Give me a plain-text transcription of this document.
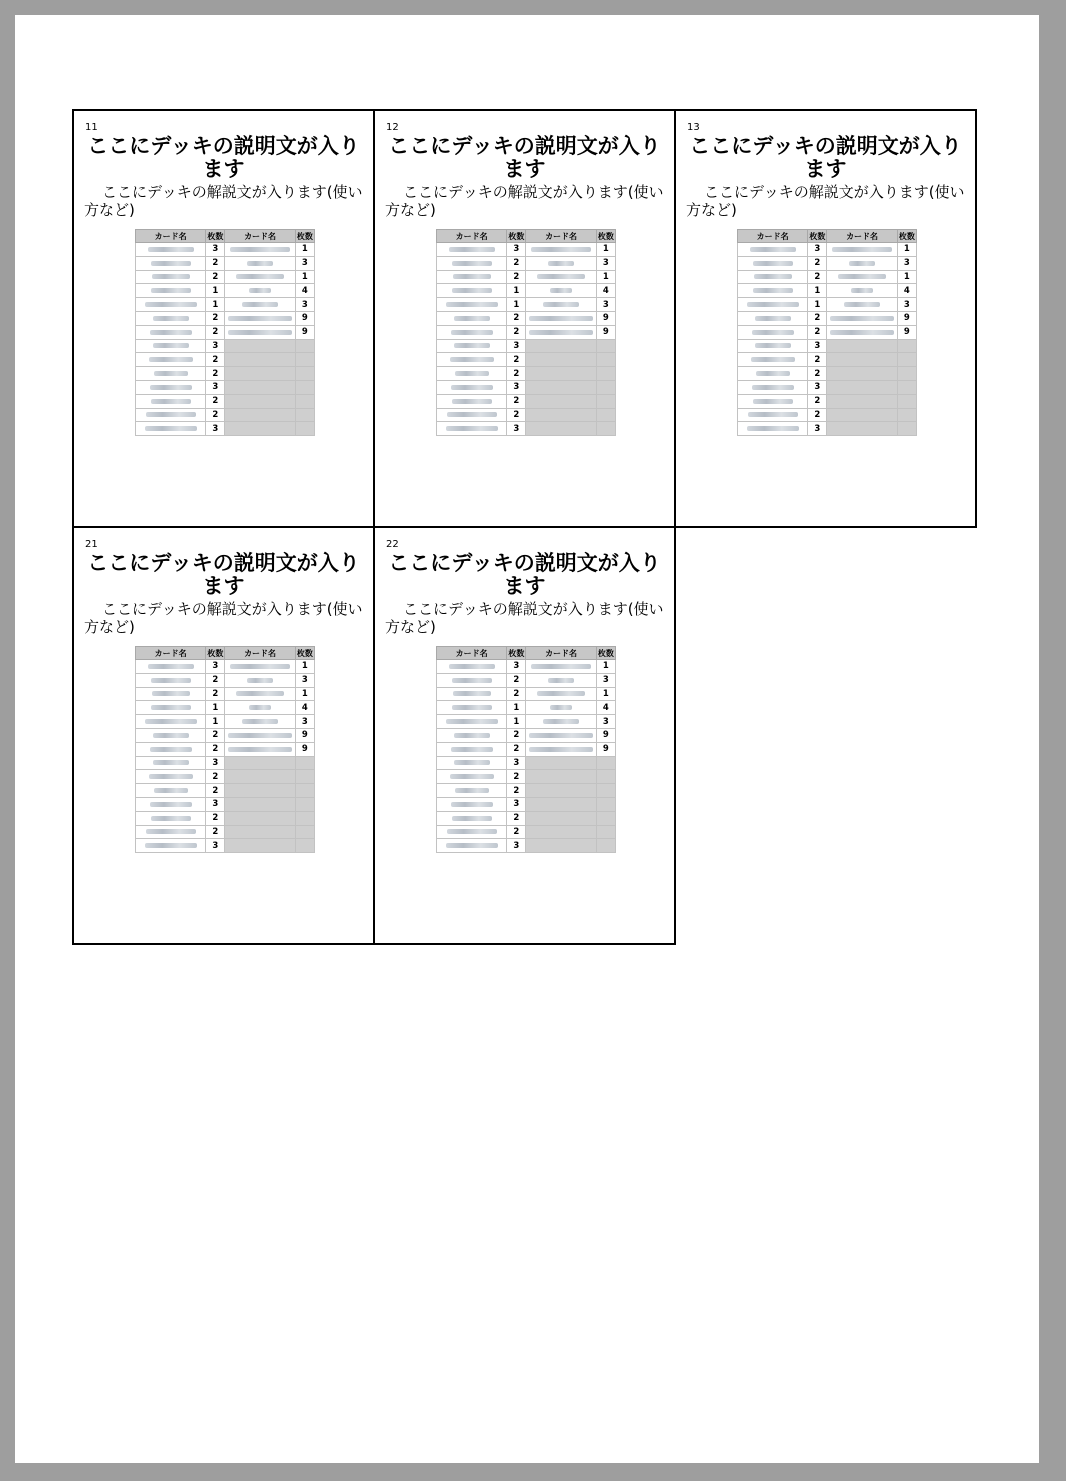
11
ここにデッキの説明文が入ります
ここにデッキの解説文が入ります(使い方など)
カード名	枚数	カード名	枚数

	3		1

	2		3

	2		1

	1		4

	1		3

	2		9

	2		9

	3		

	2		

	2		

	3		

	2		

	2		

	3		
12
ここにデッキの説明文が入ります
ここにデッキの解説文が入ります(使い方など)
カード名	枚数	カード名	枚数

	3		1

	2		3

	2		1

	1		4

	1		3

	2		9

	2		9

	3		

	2		

	2		

	3		

	2		

	2		

	3		
13
ここにデッキの説明文が入ります
ここにデッキの解説文が入ります(使い方など)
カード名	枚数	カード名	枚数

	3		1

	2		3

	2		1

	1		4

	1		3

	2		9

	2		9

	3		

	2		

	2		

	3		

	2		

	2		

	3		
21
ここにデッキの説明文が入ります
ここにデッキの解説文が入ります(使い方など)
カード名	枚数	カード名	枚数

	3		1

	2		3

	2		1

	1		4

	1		3

	2		9

	2		9

	3		

	2		

	2		

	3		

	2		

	2		

	3		
22
ここにデッキの説明文が入ります
ここにデッキの解説文が入ります(使い方など)
カード名	枚数	カード名	枚数

	3		1

	2		3

	2		1

	1		4

	1		3

	2		9

	2		9

	3		

	2		

	2		

	3		

	2		

	2		

	3		
